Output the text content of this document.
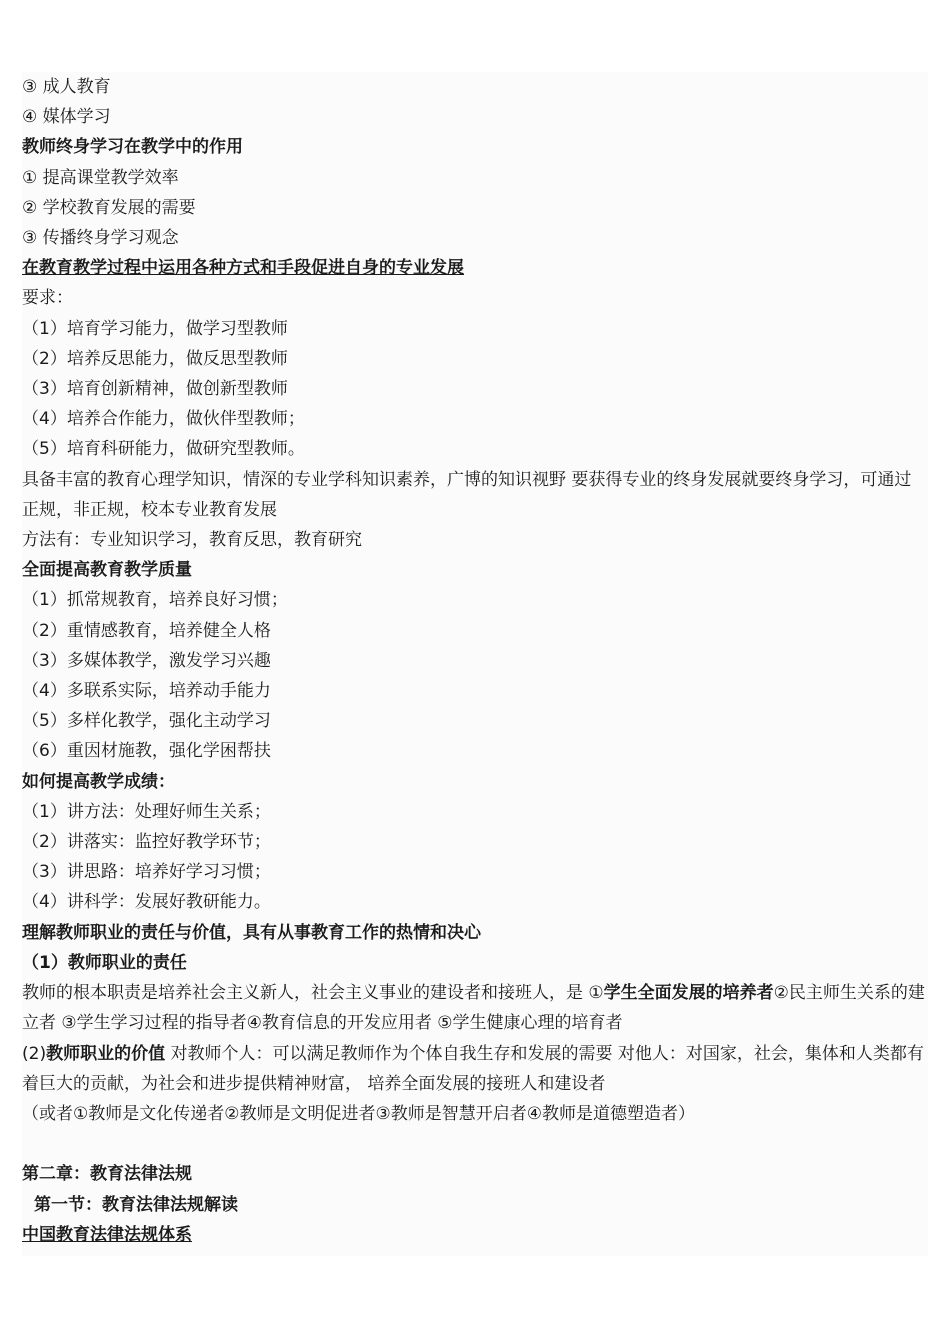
③ 成人教育
④ 媒体学习
教师终身学习在教学中的作用
① 提高课堂教学效率
② 学校教育发展的需要
③ 传播终身学习观念
在教育教学过程中运用各种方式和手段促进自身的专业发展
要求：
（1）培育学习能力，做学习型教师
（2）培养反思能力，做反思型教师
（3）培育创新精神，做创新型教师
（4）培养合作能力，做伙伴型教师；
（5）培育科研能力，做研究型教师。
具备丰富的教育心理学知识，情深的专业学科知识素养，广博的知识视野 要获得专业的终身发展就要终身学习，可通过正规，非正规，校本专业教育发展
方法有：专业知识学习，教育反思，教育研究
全面提高教育教学质量
（1）抓常规教育，培养良好习惯；
（2）重情感教育，培养健全人格
（3）多媒体教学，激发学习兴趣
（4）多联系实际，培养动手能力
（5）多样化教学，强化主动学习
（6）重因材施教，强化学困帮扶
如何提高教学成绩：
（1）讲方法：处理好师生关系；
（2）讲落实：监控好教学环节；
（3）讲思路：培养好学习习惯；
（4）讲科学：发展好教研能力。
理解教师职业的责任与价值，具有从事教育工作的热情和决心
（1）教师职业的责任
教师的根本职责是培养社会主义新人，社会主义事业的建设者和接班人，是 ①学生全面发展的培养者②民主师生关系的建立者 ③学生学习过程的指导者④教育信息的开发应用者 ⑤学生健康心理的培育者
(2)教师职业的价值 对教师个人：可以满足教师作为个体自我生存和发展的需要 对他人：对国家，社会，集体和人类都有着巨大的贡献，为社会和进步提供精神财富， 培养全面发展的接班人和建设者
（或者①教师是文化传递者②教师是文明促进者③教师是智慧开启者④教师是道德塑造者）
第二章：教育法律法规
第一节：教育法律法规解读
中国教育法律法规体系
